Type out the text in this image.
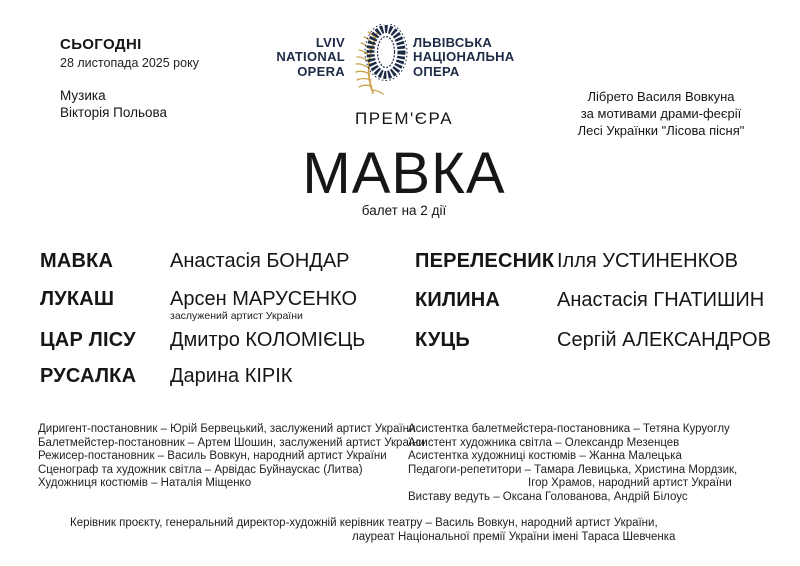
СЬОГОДНІ
28 листопада 2025 року
Музика
Вікторія Польова
LVIV
NATIONAL
OPERA
ЛЬВІВСЬКА
НАЦІОНАЛЬНА
ОПЕРА
Лібрето Василя Вовкуна
за мотивами драми-феєрії
Лесі Українки "Лісова пісня"
ПРЕМ'ЄРА
МАВКА
балет на 2 дії
МАВКА	Анастасія БОНДАР
ЛУКАШ	Арсен МАРУСЕНКО
заслужений артист України
ЦАР ЛІСУ Дмитро КОЛОМІЄЦЬ
РУСАЛКА Дарина КІРІК
ПЕРЕЛЕСНИК Ілля УСТИНЕНКОВ
КИЛИНА	Анастасія ГНАТИШИН
КУЦЬ	Сергій АЛЕКСАНДРОВ
Диригент-постановник – Юрій Бервецький, заслужений артист України
Балетмейстер-постановник – Артем Шошин, заслужений артист України
Режисер-постановник – Василь Вовкун, народний артист України
Сценограф та художник світла – Арвідас Буйнаускас (Литва)
Художниця костюмів – Наталія Міщенко
Асистентка балетмейстера-постановника – Тетяна Куруоглу
Асистент художника світла – Олександр Мезенцев
Асистентка художниці костюмів – Жанна Малецька
Педагоги-репетитори – Тамара Левицька, Христина Мордзик,
Ігор Храмов, народний артист України
Виставу ведуть – Оксана Голованова, Андрій Білоус
Керівник проєкту, генеральний директор-художній керівник театру – Василь Вовкун, народний артист України,
лауреат Національної премії України імені Тараса Шевченка
